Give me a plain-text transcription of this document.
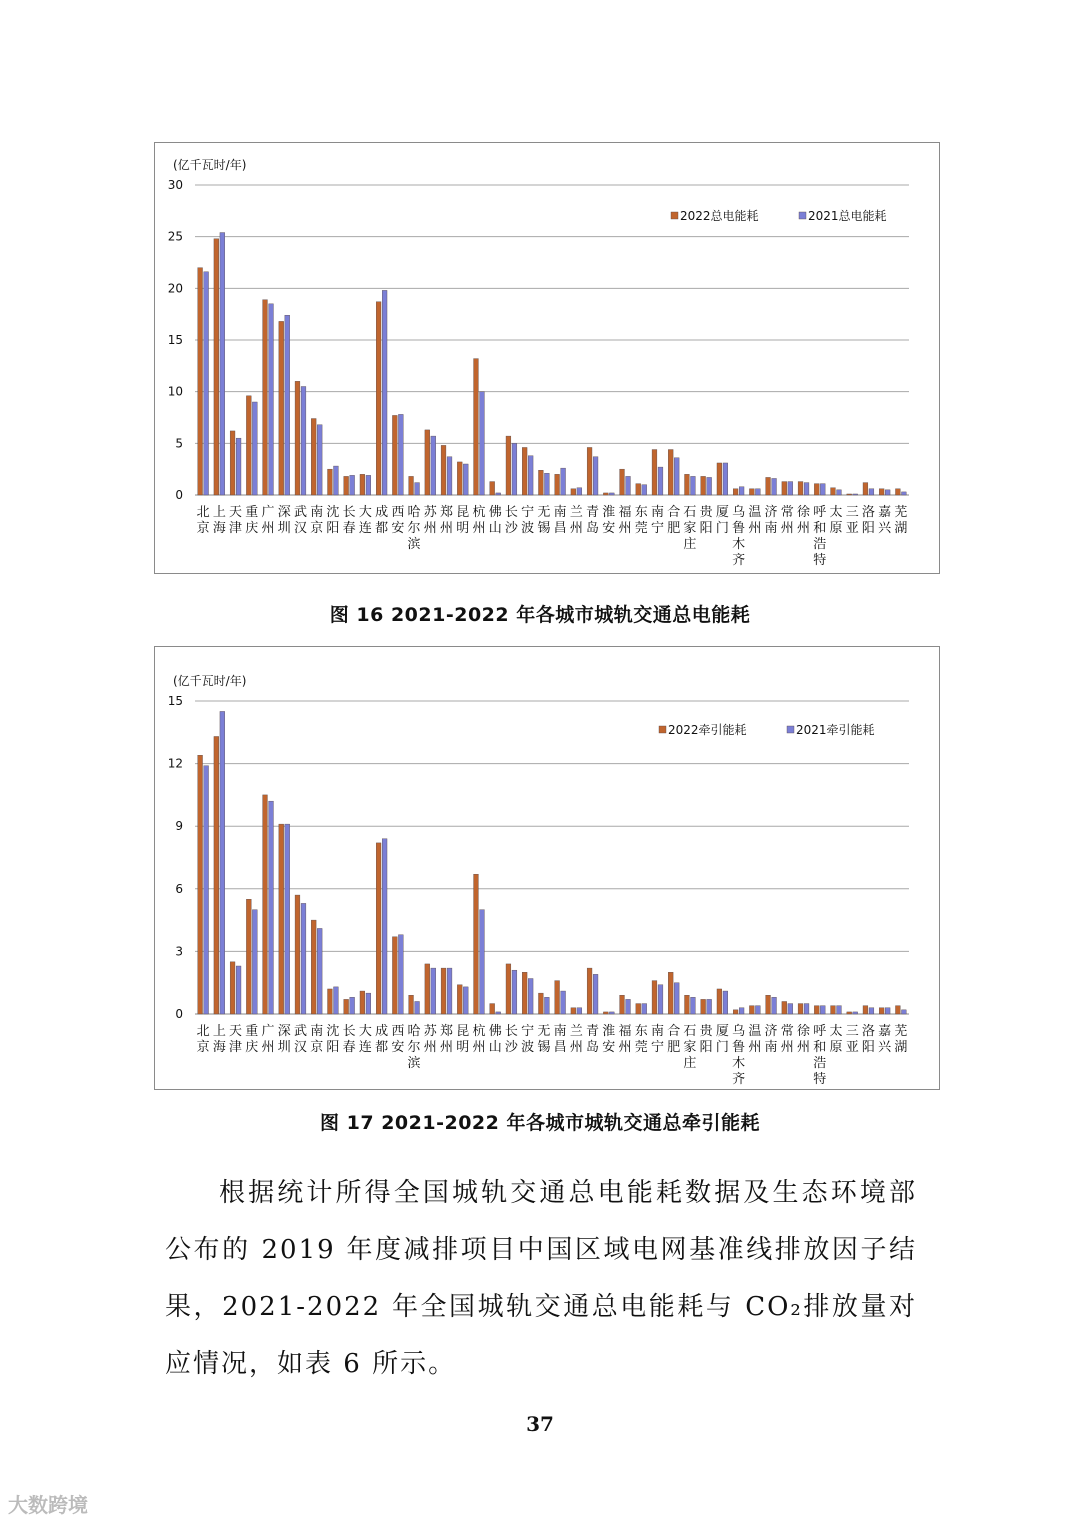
(亿千瓦时/年)
0
5
10
15
20
25
30
北京
上海
天津
重庆
广州
深圳
武汉
南京
沈阳
长春
大连
成都
西安
哈尔滨
苏州
郑州
昆明
杭州
佛山
长沙
宁波
无锡
南昌
兰州
青岛
淮安
福州
东莞
南宁
合肥
石家庄
贵阳
厦门
乌鲁木齐
温州
济南
常州
徐州
呼和浩特
太原
三亚
洛阳
嘉兴
芜湖
2022总电能耗	2021总电能耗
图 16 2021-2022 年各城市城轨交通总电能耗
(亿千瓦时/年)
0
3
6
9
12
15
北京
上海
天津
重庆
广州
深圳
武汉
南京
沈阳
长春
大连
成都
西安
哈尔滨
苏州
郑州
昆明
杭州
佛山
长沙
宁波
无锡
南昌
兰州
青岛
淮安
福州
东莞
南宁
合肥
石家庄
贵阳
厦门
乌鲁木齐
温州
济南
常州
徐州
呼和浩特
太原
三亚
洛阳
嘉兴
芜湖
2022牵引能耗	2021牵引能耗
图 17 2021-2022 年各城市城轨交通总牵引能耗

根据统计所得全国城轨交通总电能耗数据及生态环境部公布的 2019 年度减排项目中国区域电网基准线排放因子结果，2021-2022 年全国城轨交通总电能耗与 CO₂排放量对应情况，如表 6 所示。

37
大数跨境
